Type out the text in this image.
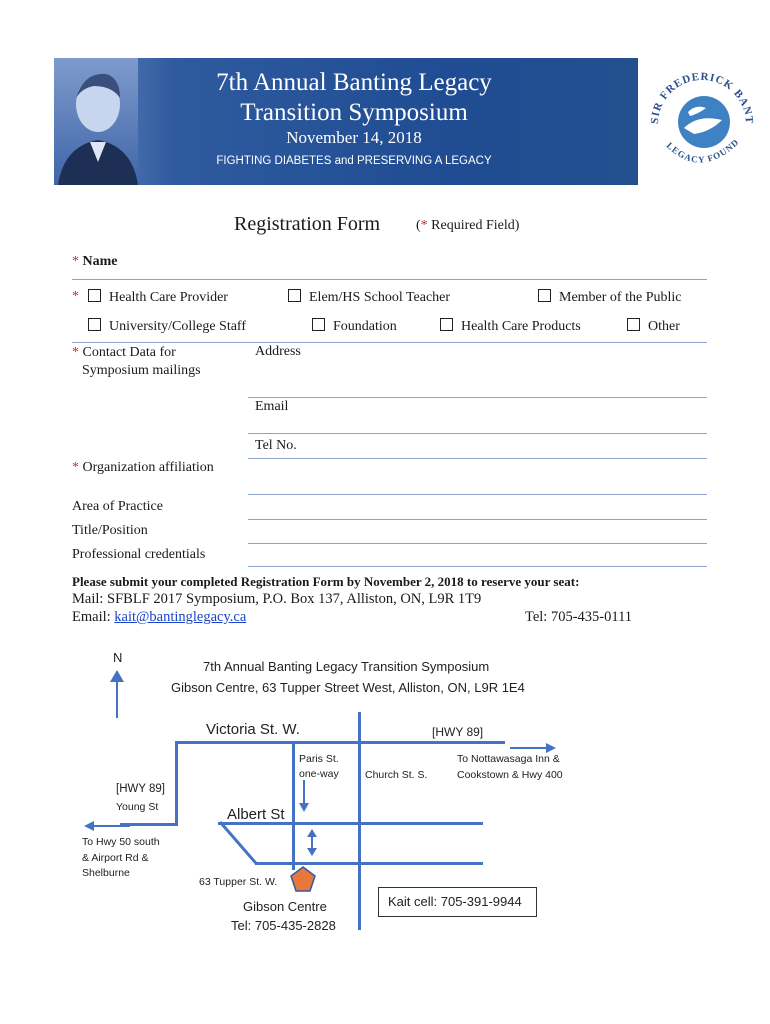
7th Annual Banting Legacy
Transition Symposium
November 14, 2018
FIGHTING DIABETES and PRESERVING A LEGACY
SIR FREDERICK BANT
LEGACY FOUND
Registration Form	(* Required Field)
* Name
*	Health Care Provider	Elem/HS School Teacher	Member of the Public
University/College Staff	Foundation	Health Care Products	Other
* Contact Data for
Symposium mailings
Address
Email
Tel No.
* Organization affiliation
Area of Practice
Title/Position
Professional credentials
Please submit your completed Registration Form by November 2, 2018 to reserve your seat:
Mail: SFBLF 2017 Symposium, P.O. Box 137, Alliston, ON, L9R 1T9
Email: kait@bantinglegacy.ca	Tel: 705-435-0111
N
7th Annual Banting Legacy Transition Symposium
Gibson Centre, 63 Tupper Street West, Alliston, ON, L9R 1E4
Victoria St. W.	[HWY 89]
Paris St.
one-way	Church St. S.
To Nottawasaga Inn &
Cookstown & Hwy 400
[HWY 89]
Young St	Albert St
To Hwy 50 south
& Airport Rd &
Shelburne
63 Tupper St. W.
Gibson Centre
Tel: 705-435-2828
Kait cell: 705-391-9944
